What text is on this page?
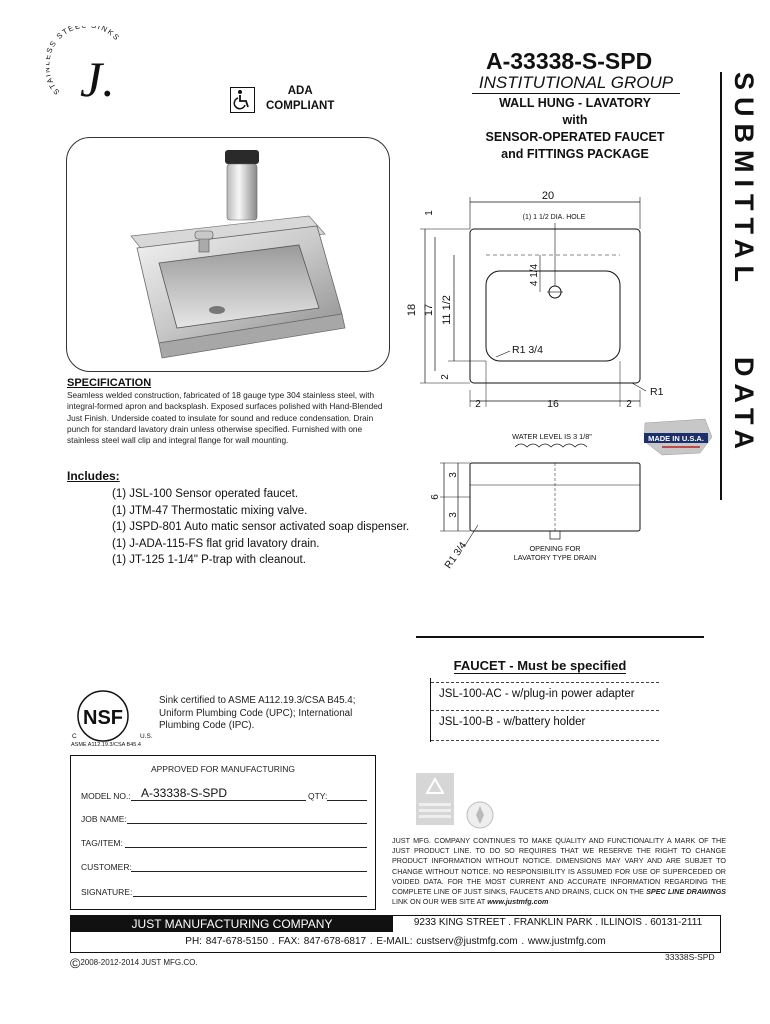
ST S STEE INKS
J.	ADA
COMPLIANT
A-33338-S-SPD
INSTITUTIONAL GROUP
WALL HUNG - LAVATORY
with
SENSOR-OPERATED FAUCET
and FITTINGS PACKAGE	SUBMITTAL
DATA
SPECIFICATION
Seamless welded construction, fabricated of 18 gauge type 304 stainless steel, with integral-formed apron and backsplash. Exposed surfaces polished with Hand-Blended Just Finish. Underside coated to insulate for sound and reduce condensation. Drain punch for standard lavatory drain unless otherwise specified. Furnished with one stainless steel wall clip and integral flange for wall mounting.
Includes:
(1) JSL-100 Sensor operated faucet.
(1) JTM-47 Thermostatic mixing valve.
(1) JSPD-801 Auto matic sensor activated soap dispenser.
(1) J-ADA-115-FS flat grid lavatory drain.
(1) JT-125 1-1/4" P-trap with cleanout.
20
(1) 1 1/2 DIA. HOLE
1
18 17 11 1/2
4 1/4
R1 3/4
2
R1
2	16	2
WATER LEVEL IS 3 1/8"	MADE IN U.S.A.
3
6
3
R1 3/4	OPENING FOR
LAVATORY TYPE DRAIN
FAUCET - Must be specified
JSL-100-AC - w/plug-in power adapter
JSL-100-B - w/battery holder
NSF
C	U.S.
ASME A112.19.3/CSA B45.4
Sink certified to ASME A112.19.3/CSA B45.4; Uniform Plumbing Code (UPC); International Plumbing Code (IPC).
APPROVED FOR MANUFACTURING
MODEL NO.: A-33338-S-SPD	QTY:
JOB NAME:
TAG/ITEM:
CUSTOMER:
SIGNATURE:
JUST MFG. COMPANY CONTINUES TO MAKE QUALITY AND FUNCTIONALITY A MARK OF THE JUST PRODUCT LINE. TO DO SO REQUIRES THAT WE RESERVE THE RIGHT TO CHANGE PRODUCT INFORMATION WITHOUT NOTICE. DIMENSIONS MAY VARY AND ARE SUBJET TO CHANGE WITHOUT NOTICE. NO RESPONSIBILITY IS ASSUMED FOR USE OF SUPERCEDED OR VOIDED DATA. FOR THE MOST CURRENT AND ACCURATE INFORMATION REGARDING THE COMPLETE LINE OF JUST SINKS, FAUCETS AND DRAINS, CLICK ON THE SPEC LINE DRAWINGS LINK ON OUR WEB SITE AT www.justmfg.com
JUST MANUFACTURING COMPANY	9233 KING STREET . FRANKLIN PARK . ILLINOIS . 60131-2111
PH: 847-678-5150 . FAX: 847-678-6817 . E-MAIL: custserv@justmfg.com . www.justmfg.com
©2008-2012-2014 JUST MFG.CO.
33338S-SPD
